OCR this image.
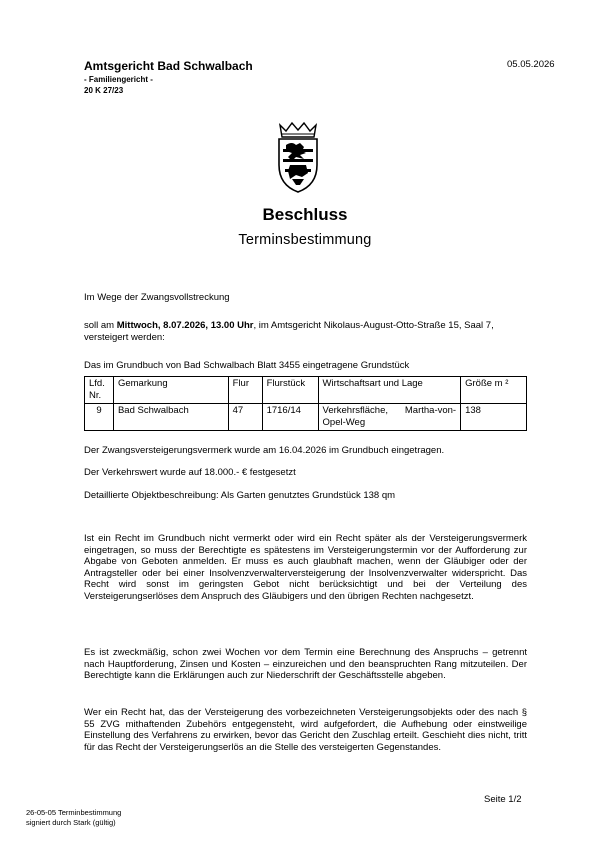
Amtsgericht Bad Schwalbach
- Familiengericht -
20 K 27/23
05.05.2026
Beschluss
Terminsbestimmung
Im Wege der Zwangsvollstreckung
soll am Mittwoch, 8.07.2026, 13.00 Uhr, im Amtsgericht Nikolaus-August-Otto-Straße 15, Saal 7, versteigert werden:
Das im Grundbuch von Bad Schwalbach Blatt 3455 eingetragene Grundstück
Lfd. Nr.	Gemarkung	Flur	Flurstück	Wirtschaftsart und Lage	Größe m ²
9	Bad Schwalbach	47	1716/14	Verkehrsfläche, Martha-von-Opel-Weg	138
Der Zwangsversteigerungsvermerk wurde am 16.04.2026 im Grundbuch eingetragen.
Der Verkehrswert wurde auf 18.000.- € festgesetzt
Detaillierte Objektbeschreibung: Als Garten genutztes Grundstück 138 qm
Ist ein Recht im Grundbuch nicht vermerkt oder wird ein Recht später als der Versteigerungsvermerk eingetragen, so muss der Berechtigte es spätestens im Versteigerungstermin vor der Aufforderung zur Abgabe von Geboten anmelden. Er muss es auch glaubhaft machen, wenn der Gläubiger oder der Antragsteller oder bei einer Insolvenzverwalterversteigerung der Insolvenzverwalter widerspricht. Das Recht wird sonst im geringsten Gebot nicht berücksichtigt und bei der Verteilung des Versteigerungserlöses dem Anspruch des Gläubigers und den übrigen Rechten nachgesetzt.
Es ist zweckmäßig, schon zwei Wochen vor dem Termin eine Berechnung des Anspruchs – getrennt nach Hauptforderung, Zinsen und Kosten – einzureichen und den beanspruchten Rang mitzuteilen. Der Berechtigte kann die Erklärungen auch zur Niederschrift der Geschäftsstelle abgeben.
Wer ein Recht hat, das der Versteigerung des vorbezeichneten Versteigerungsobjekts oder des nach § 55 ZVG mithaftenden Zubehörs entgegensteht, wird aufgefordert, die Aufhebung oder einstweilige Einstellung des Verfahrens zu erwirken, bevor das Gericht den Zuschlag erteilt. Geschieht dies nicht, tritt für das Recht der Versteigerungserlös an die Stelle des versteigerten Gegenstandes.
Seite 1/2
26-05-05 Terminbestimmung
signiert durch Stark (gültig)
